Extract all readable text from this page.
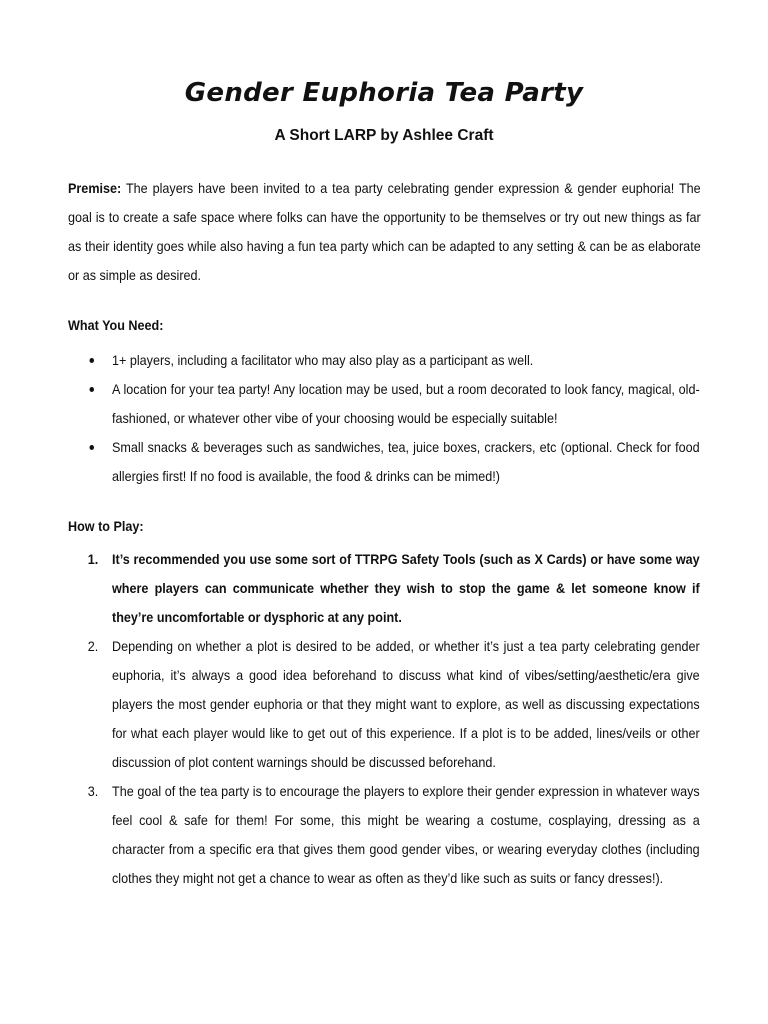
Gender Euphoria Tea Party

A Short LARP by Ashlee Craft

Premise: The players have been invited to a tea party celebrating gender expression & gender euphoria! The goal is to create a safe space where folks can have the opportunity to be themselves or try out new things as far as their identity goes while also having a fun tea party which can be adapted to any setting & can be as elaborate or as simple as desired.

What You Need:

1+ players, including a facilitator who may also play as a participant as well.
A location for your tea party! Any location may be used, but a room decorated to look fancy, magical, old-fashioned, or whatever other vibe of your choosing would be especially suitable!
Small snacks & beverages such as sandwiches, tea, juice boxes, crackers, etc (optional. Check for food allergies first! If no food is available, the food & drinks can be mimed!)

How to Play:

1. It’s recommended you use some sort of TTRPG Safety Tools (such as X Cards) or have some way where players can communicate whether they wish to stop the game & let someone know if they’re uncomfortable or dysphoric at any point.
2. Depending on whether a plot is desired to be added, or whether it’s just a tea party celebrating gender euphoria, it’s always a good idea beforehand to discuss what kind of vibes/setting/aesthetic/era give players the most gender euphoria or that they might want to explore, as well as discussing expectations for what each player would like to get out of this experience. If a plot is to be added, lines/veils or other discussion of plot content warnings should be discussed beforehand.
3. The goal of the tea party is to encourage the players to explore their gender expression in whatever ways feel cool & safe for them! For some, this might be wearing a costume, cosplaying, dressing as a character from a specific era that gives them good gender vibes, or wearing everyday clothes (including clothes they might not get a chance to wear as often as they’d like such as suits or fancy dresses!).
